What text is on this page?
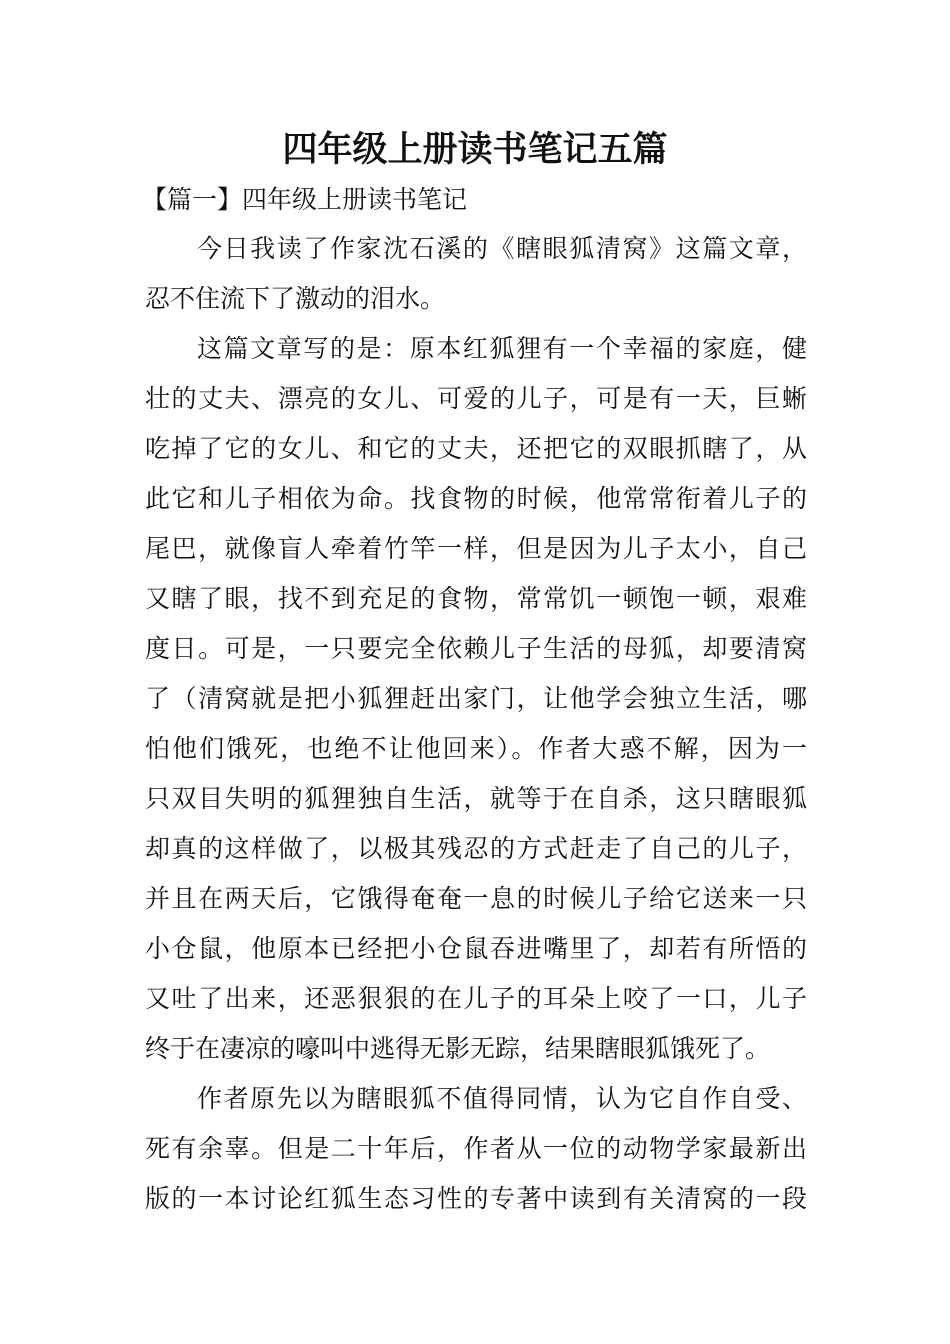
四年级上册读书笔记五篇
【篇一】四年级上册读书笔记
今日我读了作家沈石溪的《瞎眼狐清窝》这篇文章，
忍不住流下了激动的泪水。
这篇文章写的是：原本红狐狸有一个幸福的家庭，健
壮的丈夫、漂亮的女儿、可爱的儿子，可是有一天，巨蜥
吃掉了它的女儿、和它的丈夫，还把它的双眼抓瞎了，从
此它和儿子相依为命。找食物的时候，他常常衔着儿子的
尾巴，就像盲人牵着竹竿一样，但是因为儿子太小，自己
又瞎了眼，找不到充足的食物，常常饥一顿饱一顿，艰难
度日。可是，一只要完全依赖儿子生活的母狐，却要清窝
了（清窝就是把小狐狸赶出家门，让他学会独立生活，哪
怕他们饿死，也绝不让他回来）。作者大惑不解，因为一
只双目失明的狐狸独自生活，就等于在自杀，这只瞎眼狐
却真的这样做了，以极其残忍的方式赶走了自己的儿子，
并且在两天后，它饿得奄奄一息的时候儿子给它送来一只
小仓鼠，他原本已经把小仓鼠吞进嘴里了，却若有所悟的
又吐了出来，还恶狠狠的在儿子的耳朵上咬了一口，儿子
终于在凄凉的嚎叫中逃得无影无踪，结果瞎眼狐饿死了。
作者原先以为瞎眼狐不值得同情，认为它自作自受、
死有余辜。但是二十年后，作者从一位的动物学家最新出
版的一本讨论红狐生态习性的专著中读到有关清窝的一段
